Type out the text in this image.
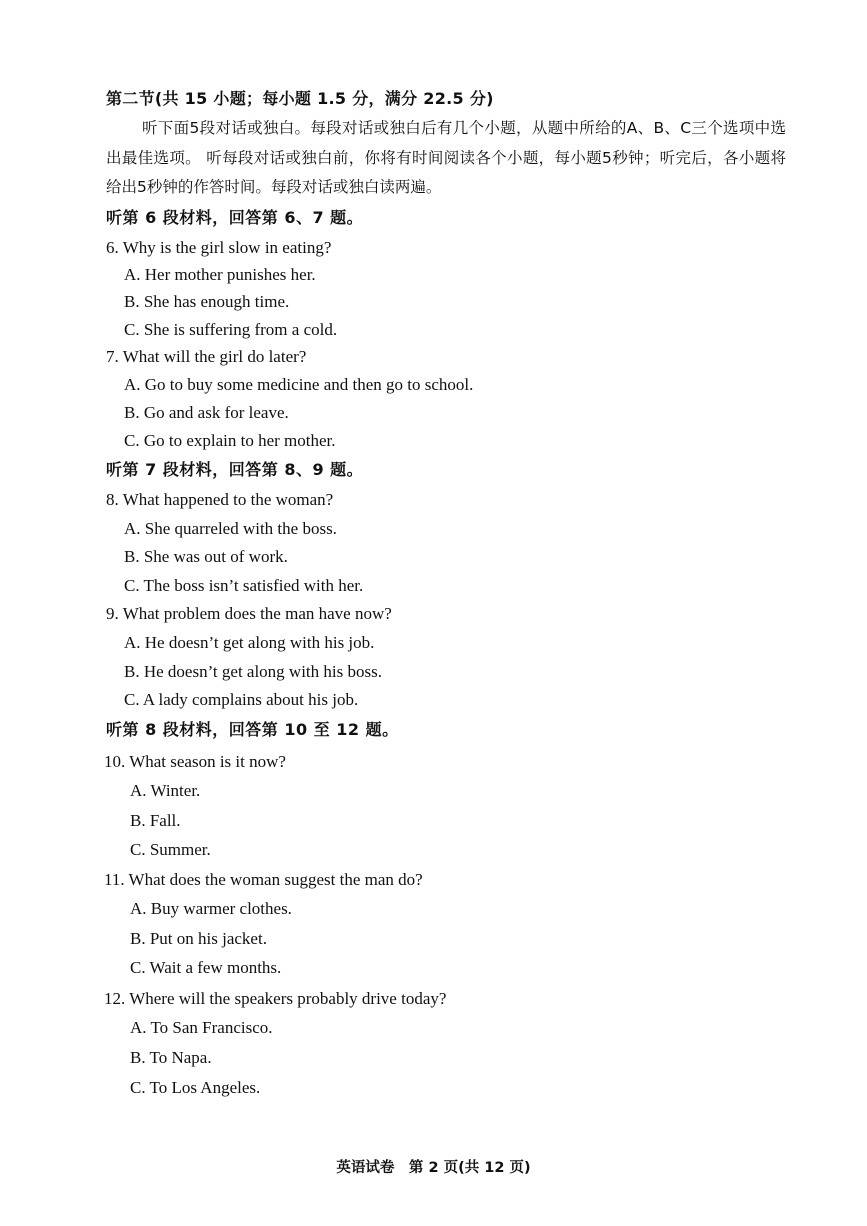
第二节(共 15 小题；每小题 1.5 分，满分 22.5 分)
听下面5段对话或独白。每段对话或独白后有几个小题，从题中所给的A、B、C三个选项中选出最佳选项。 听每段对话或独白前，你将有时间阅读各个小题，每小题5秒钟；听完后，各小题将给出5秒钟的作答时间。每段对话或独白读两遍。
听第 6 段材料，回答第 6、7 题。
6. Why is the girl slow in eating?
A. Her mother punishes her.
B. She has enough time.
C. She is suffering from a cold.
7. What will the girl do later?
A. Go to buy some medicine and then go to school.
B. Go and ask for leave.
C. Go to explain to her mother.
听第 7 段材料，回答第 8、9 题。
8. What happened to the woman?
A. She quarreled with the boss.
B. She was out of work.
C. The boss isn’t satisfied with her.
9. What problem does the man have now?
A. He doesn’t get along with his job.
B. He doesn’t get along with his boss.
C. A lady complains about his job.
听第 8 段材料，回答第 10 至 12 题。
10. What season is it now?
A. Winter.
B. Fall.
C. Summer.
11. What does the woman suggest the man do?
A. Buy warmer clothes.
B. Put on his jacket.
C. Wait a few months.
12. Where will the speakers probably drive today?
A. To San Francisco.
B. To Napa.
C. To Los Angeles.
英语试卷　第 2 页(共 12 页)
